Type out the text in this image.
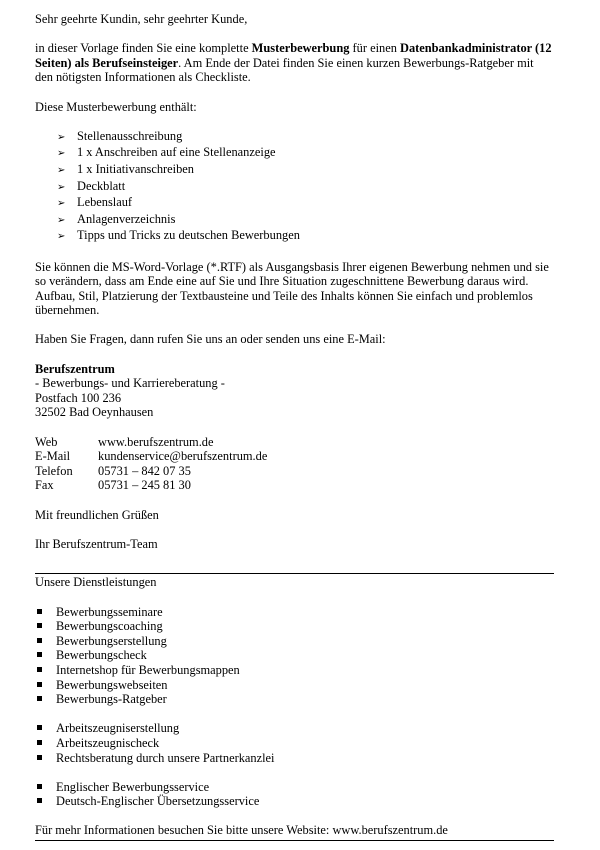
Sehr geehrte Kundin, sehr geehrter Kunde,

in dieser Vorlage finden Sie eine komplette Musterbewerbung für einen Datenbankadministrator (12 Seiten) als Berufseinsteiger. Am Ende der Datei finden Sie einen kurzen Bewerbungs-Ratgeber mit den nötigsten Informationen als Checkliste.

Diese Musterbewerbung enthält:

➢ Stellenausschreibung
➢ 1 x Anschreiben auf eine Stellenanzeige
➢ 1 x Initiativanschreiben
➢ Deckblatt
➢ Lebenslauf
➢ Anlagenverzeichnis
➢ Tipps und Tricks zu deutschen Bewerbungen

Sie können die MS-Word-Vorlage (*.RTF) als Ausgangsbasis Ihrer eigenen Bewerbung nehmen und sie so verändern, dass am Ende eine auf Sie und Ihre Situation zugeschnittene Bewerbung daraus wird. Aufbau, Stil, Platzierung der Textbausteine und Teile des Inhalts können Sie einfach und problemlos übernehmen.

Haben Sie Fragen, dann rufen Sie uns an oder senden uns eine E-Mail:

Berufszentrum

- Bewerbungs- und Karriereberatung -

Postfach 100 236

32502 Bad Oeynhausen

Web	www.berufszentrum.de
E-Mail	kundenservice@berufszentrum.de
Telefon	05731 – 842 07 35
Fax	05731 – 245 81 30

Mit freundlichen Grüßen

Ihr Berufszentrum-Team

Unsere Dienstleistungen

Bewerbungsseminare
Bewerbungscoaching
Bewerbungserstellung
Bewerbungscheck
Internetshop für Bewerbungsmappen
Bewerbungswebseiten
Bewerbungs-Ratgeber
Arbeitszeugniserstellung
Arbeitszeugnischeck
Rechtsberatung durch unsere Partnerkanzlei
Englischer Bewerbungsservice
Deutsch-Englischer Übersetzungsservice

Für mehr Informationen besuchen Sie bitte unsere Website: www.berufszentrum.de
